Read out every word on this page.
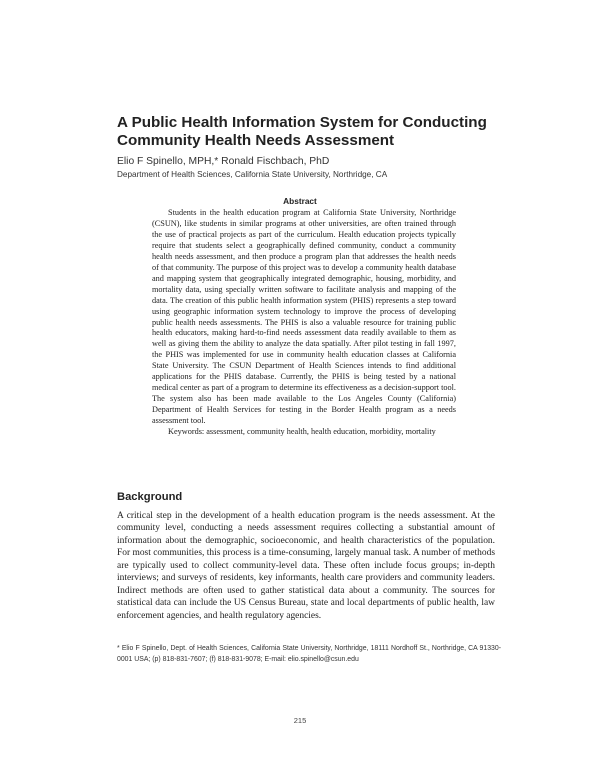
A Public Health Information System for Conducting Community Health Needs Assessment
Elio F Spinello, MPH,* Ronald Fischbach, PhD
Department of Health Sciences, California State University, Northridge, CA
Abstract

Students in the health education program at California State University, Northridge (CSUN), like students in similar programs at other universities, are often trained through the use of practical projects as part of the curriculum. Health education projects typically require that students select a geographically defined community, conduct a community health needs assessment, and then produce a program plan that addresses the health needs of that community. The purpose of this project was to develop a community health database and mapping system that geographically integrated demographic, housing, morbidity, and mortality data, using specially written software to facilitate analysis and mapping of the data. The creation of this public health information system (PHIS) represents a step toward using geographic information system technology to improve the process of developing public health needs assessments. The PHIS is also a valuable resource for training public health educators, making hard-to-find needs assessment data readily available to them as well as giving them the ability to analyze the data spatially. After pilot testing in fall 1997, the PHIS was implemented for use in community health education classes at California State University. The CSUN Department of Health Sciences intends to find additional applications for the PHIS database. Currently, the PHIS is being tested by a national medical center as part of a program to determine its effectiveness as a decision-support tool. The system also has been made available to the Los Angeles County (California) Department of Health Services for testing in the Border Health program as a needs assessment tool.

Keywords: assessment, community health, health education, morbidity, mortality

Background

A critical step in the development of a health education program is the needs assessment. At the community level, conducting a needs assessment requires collecting a substantial amount of information about the demographic, socioeconomic, and health characteristics of the population. For most communities, this process is a time-consuming, largely manual task. A number of methods are typically used to collect community-level data. These often include focus groups; in-depth interviews; and surveys of residents, key informants, health care providers and community leaders. Indirect methods are often used to gather statistical data about a community. The sources for statistical data can include the US Census Bureau, state and local departments of public health, law enforcement agencies, and health regulatory agencies.

* Elio F Spinello, Dept. of Health Sciences, California State University, Northridge, 18111 Nordhoff St., Northridge, CA 91330-0001 USA; (p) 818-831-7607; (f) 818-831-9078; E-mail: elio.spinello@csun.edu

215
